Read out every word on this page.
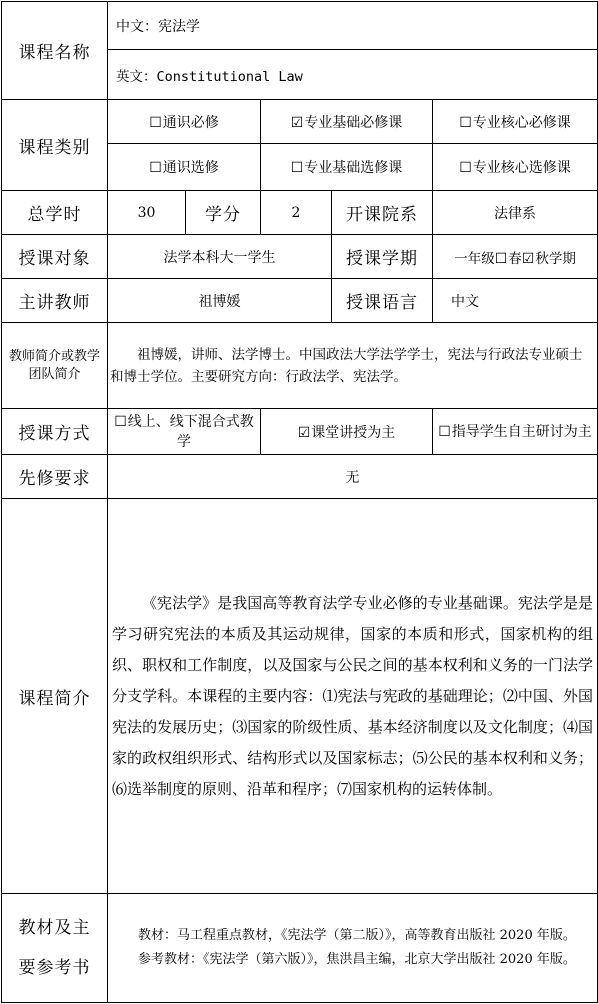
课程名称	中文：宪法学				
	英文：Constitutional Law				
课程类别	☐通识必修		☑专业基础必修课		☐专业核心必修课
	☐通识选修		☐专业基础选修课		☐专业核心选修课
总学时	30	学分	2	开课院系	法律系
授课对象	法学本科大一学生			授课学期	一年级☐春☑秋学期
主讲教师	祖博媛			授课语言	中文
教师简介或教学团队简介	祖博媛，讲师、法学博士。中国政法大学法学学士，宪法与行政法专业硕士和博士学位。主要研究方向：行政法学、宪法学。				
授课方式	☐线上、线下混合式教学		☑课堂讲授为主		☐指导学生自主研讨为主
先修要求	无				
课程简介	《宪法学》是我国高等教育法学专业必修的专业基础课。宪法学是是学习研究宪法的本质及其运动规律，国家的本质和形式，国家机构的组织、职权和工作制度，以及国家与公民之间的基本权利和义务的一门法学分支学科。本课程的主要内容：⑴宪法与宪政的基础理论；⑵中国、外国宪法的发展历史；⑶国家的阶级性质、基本经济制度以及文化制度；⑷国家的政权组织形式、结构形式以及国家标志；⑸公民的基本权利和义务；⑹选举制度的原则、沿革和程序；⑺国家机构的运转体制。				
教材及主要参考书	教材：马工程重点教材，《宪法学（第二版）》，高等教育出版社 2020 年版。
参考教材：《宪法学（第六版）》，焦洪昌主编，北京大学出版社 2020 年版。				
